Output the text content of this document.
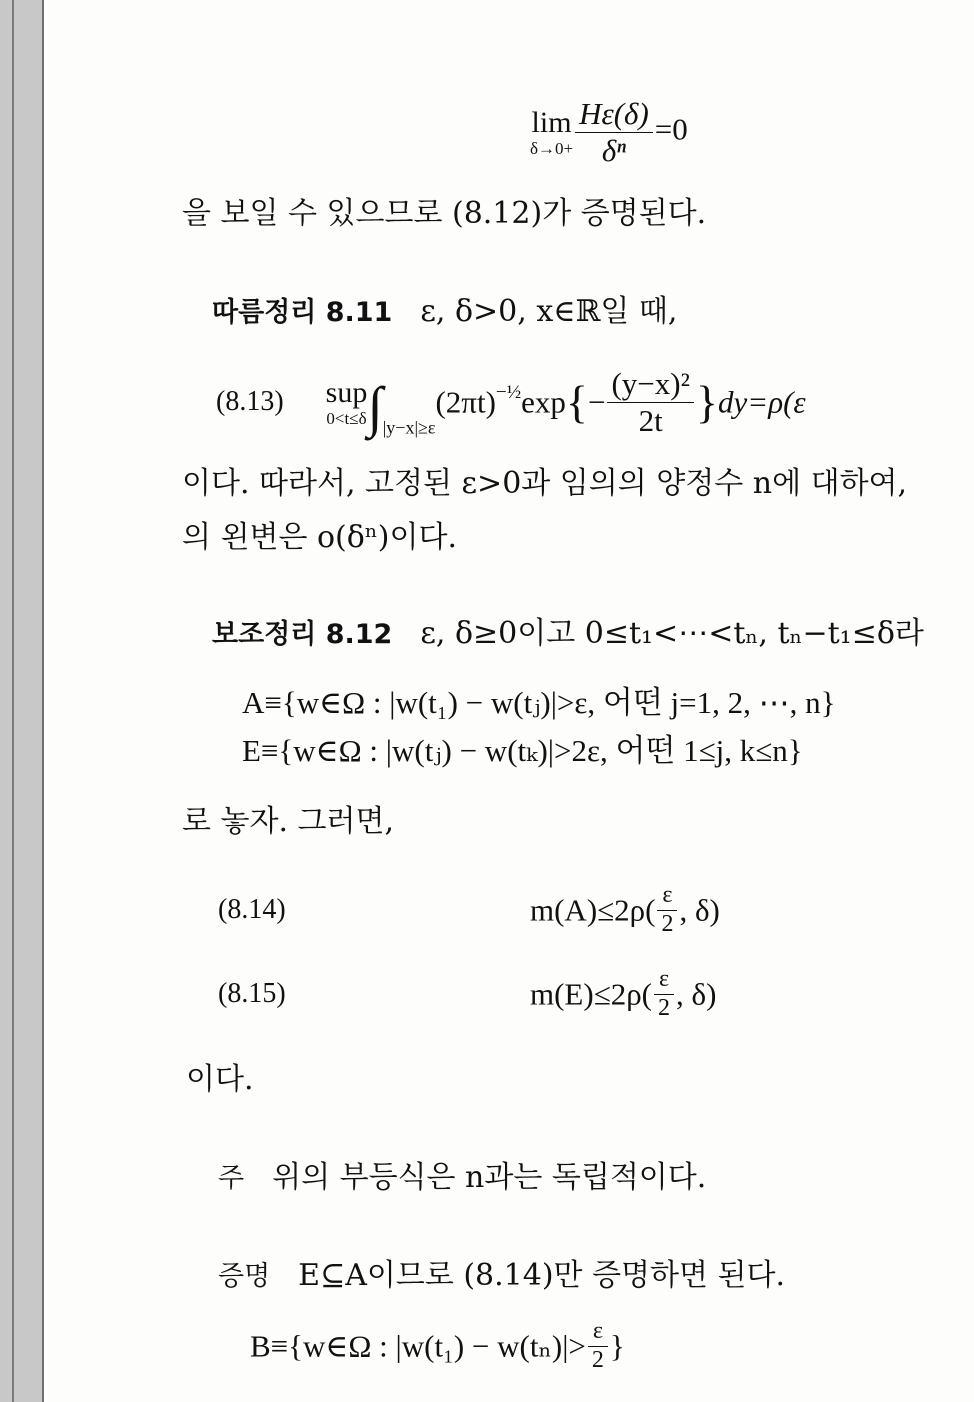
lim
$\delta\to 0+ \frac{H\varepsilon(\delta)}{\text{δⁿ}} =0$
을 보일 수 있으므로 (8.12)가 증명된다.
따름정리 8.11 ε, δ>0, x∈ℝ일 때,
(8.13) sup
0<t≤δ $\int_{|y-x|\ge\varepsilon}(2\pi t)^{-\frac{1}{2}}\exp\{- \frac{\text{(y−x)²}}{2t} \}dy=\rho(\varepsilon$
이다. 따라서, 고정된 ε>0과 임의의 양정수 n에 대하여,
의 왼변은 o(δⁿ)이다.
보조정리 8.12 ε, δ≥0이고 0≤t₁<⋯<tₙ, tₙ−t₁≤δ라
A≡{w∈Ω : |w(t₁) − w(tⱼ)|>ε, 어떤 j=1, 2, ⋯, n}
E≡{w∈Ω : |w(tⱼ) − w(tₖ)|>2ε, 어떤 1≤j, k≤n}
로 놓자. 그러면,
(8.14)	$m(A)\le 2\rho( \frac{\varepsilon}{2}$ , δ)
(8.15)	$m(E)\le 2\rho( \frac{\varepsilon}{2}$ , δ)
이다.
주 위의 부등식은 n과는 독립적이다.
증명 E⊆A이므로 (8.14)만 증명하면 된다.
B≡{w∈Ω : $|w(t_1) - w(t_n)|> \frac{\varepsilon}{2}$ }
